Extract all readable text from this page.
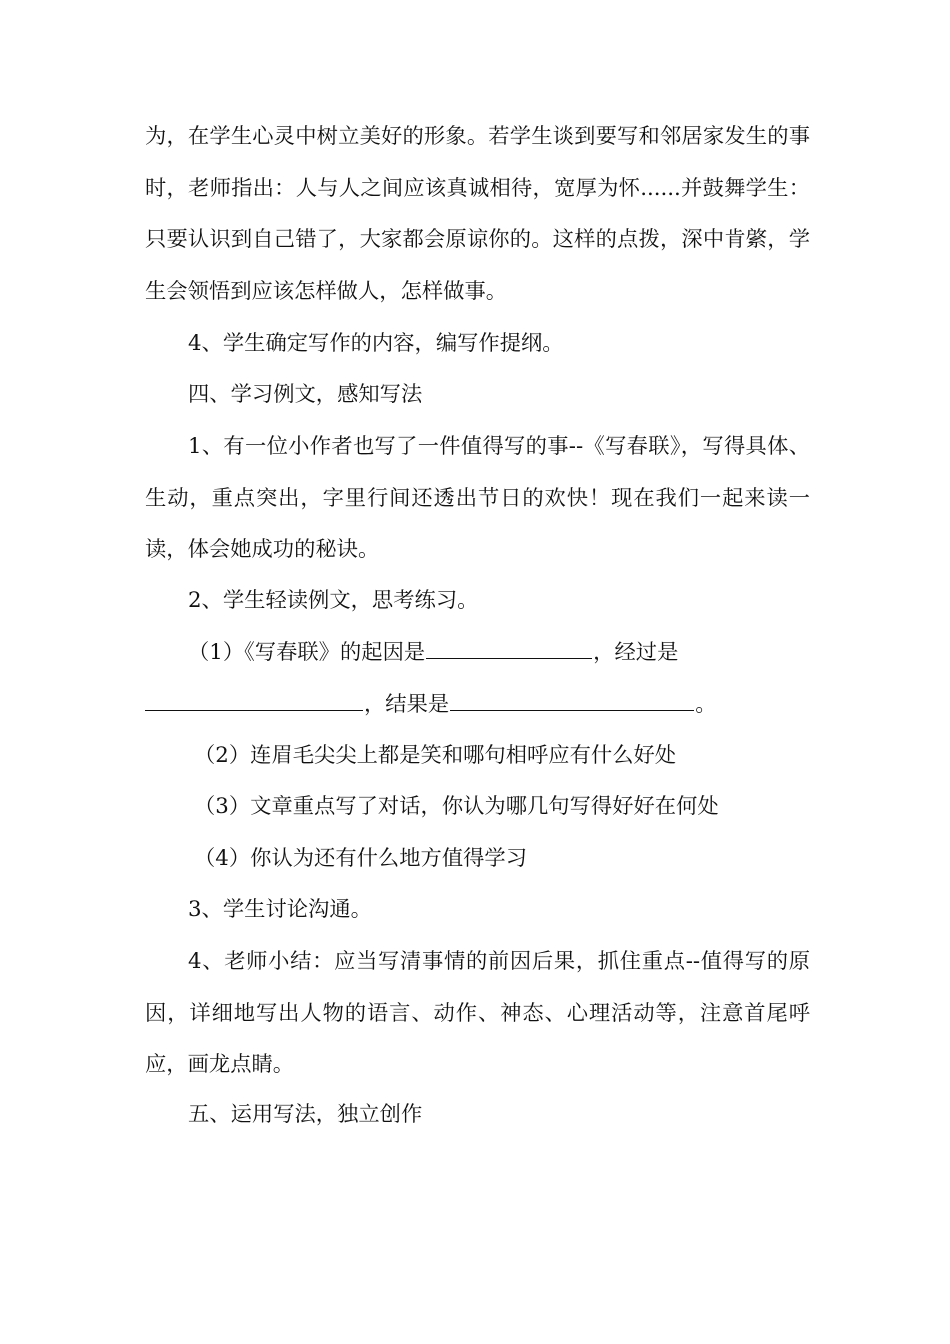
为，在学生心灵中树立美好的形象。若学生谈到要写和邻居家发生的事时，老师指出：人与人之间应该真诚相待，宽厚为怀......并鼓舞学生：只要认识到自己错了，大家都会原谅你的。这样的点拨，深中肯綮，学生会领悟到应该怎样做人，怎样做事。

4、学生确定写作的内容，编写作提纲。

四、学习例文，感知写法

1、有一位小作者也写了一件值得写的事--《写春联》，写得具体、生动，重点突出，字里行间还透出节日的欢快！现在我们一起来读一读，体会她成功的秘诀。

2、学生轻读例文，思考练习。

（1）《写春联》的起因是	，经过是
，结果是	。

（2）连眉毛尖尖上都是笑和哪句相呼应有什么好处

（3）文章重点写了对话，你认为哪几句写得好好在何处

（4）你认为还有什么地方值得学习

3、学生讨论沟通。

4、老师小结：应当写清事情的前因后果，抓住重点--值得写的原因，详细地写出人物的语言、动作、神态、心理活动等，注意首尾呼应，画龙点睛。

五、运用写法，独立创作
